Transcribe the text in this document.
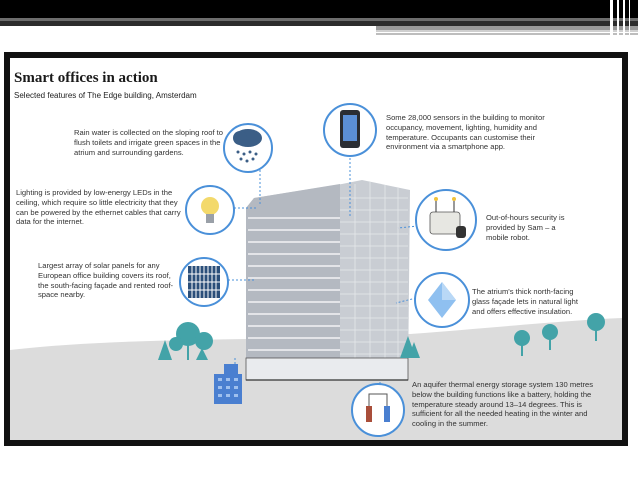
Smart offices in action
Selected features of The Edge building, Amsterdam
Rain water is collected on the sloping roof to flush toilets and irrigate green spaces in the atrium and surrounding gardens.
Lighting is provided by low-energy LEDs in the ceiling, which require so little electricity that they can be powered by the ethernet cables that carry data for the internet.
Largest array of solar panels for any European office building covers its roof, the south-facing façade and rented roof-space nearby.
Some 28,000 sensors in the building to monitor occupancy, movement, lighting, humidity and temperature. Occupants can customise their environment via a smartphone app.
Out-of-hours security is provided by Sam – a mobile robot.
The atrium's thick north-facing glass façade lets in natural light and offers effective insulation.
An aquifer thermal energy storage system 130 metres below the building functions like a battery, holding the temperature steady around 13–14 degrees. This is sufficient for all the needed heating in the winter and cooling in the summer.
